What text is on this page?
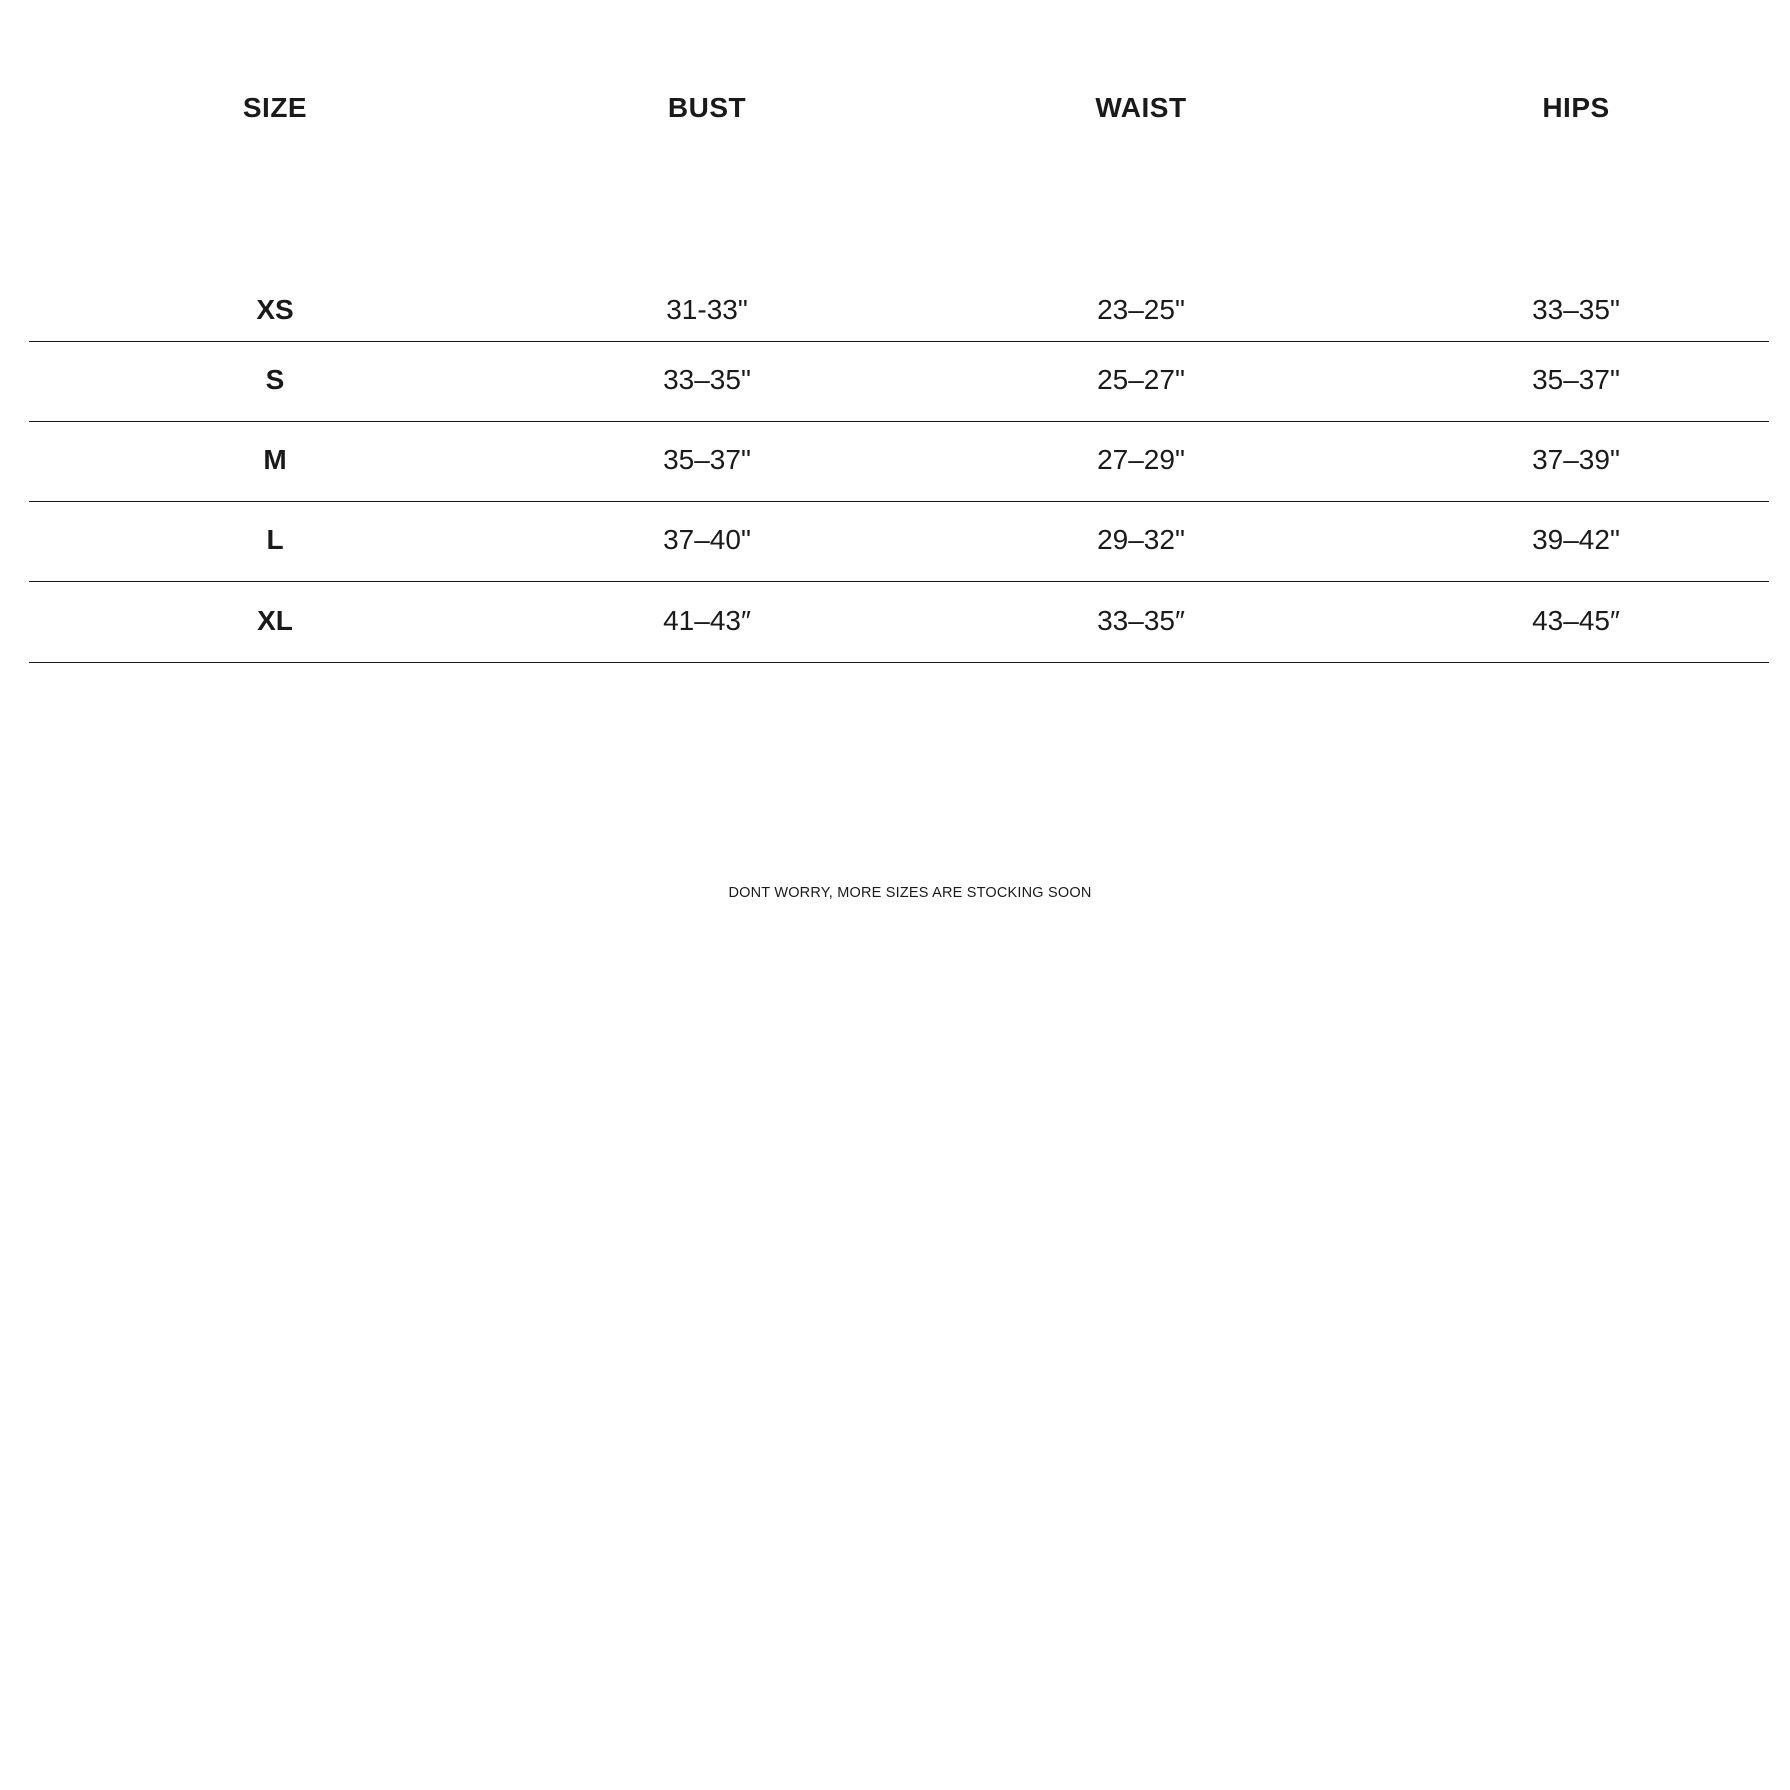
SIZE	BUST	WAIST	HIPS
XS	31-33"	23–25"	33–35"
S	33–35"	25–27"	35–37"
M	35–37"	27–29"	37–39"
L	37–40"	29–32"	39–42"
XL	41–43″	33–35″	43–45″
DONT WORRY, MORE SIZES ARE STOCKING SOON
